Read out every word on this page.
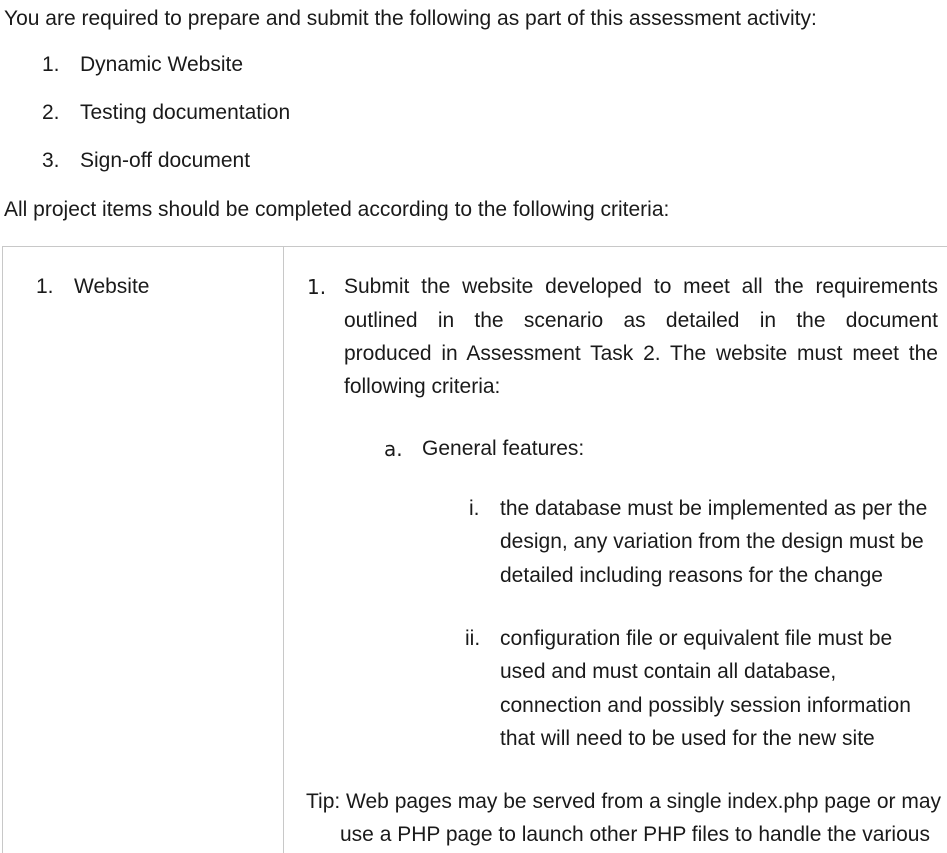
You are required to prepare and submit the following as part of this assessment activity:
1. Dynamic Website
2. Testing documentation
3. Sign-off document
All project items should be completed according to the following criteria:
1. Website	1. Submit the website developed to meet all the requirements
outlined in the scenario as detailed in the document
produced in Assessment Task 2. The website must meet the
following criteria:
a. General features:
i. the database must be implemented as per the
design, any variation from the design must be
detailed including reasons for the change
ii. configuration file or equivalent file must be
used and must contain all database,
connection and possibly session information
that will need to be used for the new site
Tip: Web pages may be served from a single index.php page or may
use a PHP page to launch other PHP files to handle the various
